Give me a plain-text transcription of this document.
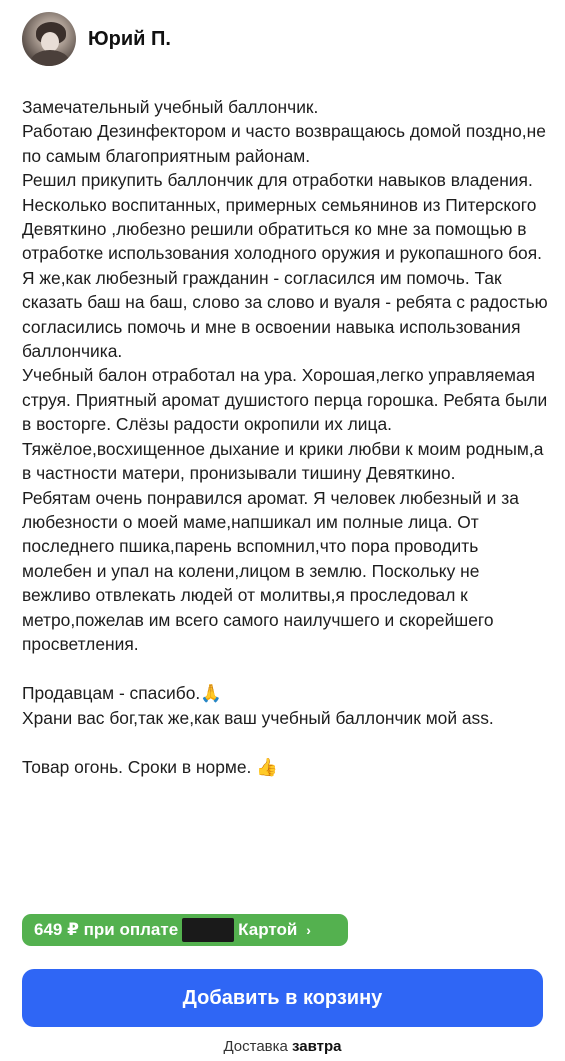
Юрий П.
Замечательный учебный баллончик.
Работаю Дезинфектором и часто возвращаюсь домой поздно,не по самым благоприятным районам.
Решил прикупить баллончик для отработки навыков владения.
Несколько воспитанных, примерных семьянинов из Питерского Девяткино ,любезно решили обратиться ко мне за помощью в отработке использования холодного оружия и рукопашного боя. Я же,как любезный гражданин - согласился им помочь. Так сказать баш на баш, слово за слово и вуаля - ребята с радостью согласились помочь и мне в освоении навыка использования баллончика.
Учебный балон отработал на ура. Хорошая,легко управляемая струя. Приятный аромат душистого перца горошка. Ребята были в восторге. Слёзы радости окропили их лица. Тяжёлое,восхищенное дыхание и крики любви к моим родным,а в частности матери, пронизывали тишину Девяткино.
Ребятам очень понравился аромат. Я человек любезный и за любезности о моей маме,напшикал им полные лица. От последнего пшика,парень вспомнил,что пора проводить молебен и упал на колени,лицом в землю. Поскольку не вежливо отвлекать людей от молитвы,я проследовал к метро,пожелав им всего самого наилучшего и скорейшего просветления.

Продавцам - спасибо.🙏
Храни вас бог,так же,как ваш учебный баллончик мой ass.

Товар огонь. Сроки в норме. 👍
649 ₽ при оплате	Картой ›
Добавить в корзину
Доставка завтра
